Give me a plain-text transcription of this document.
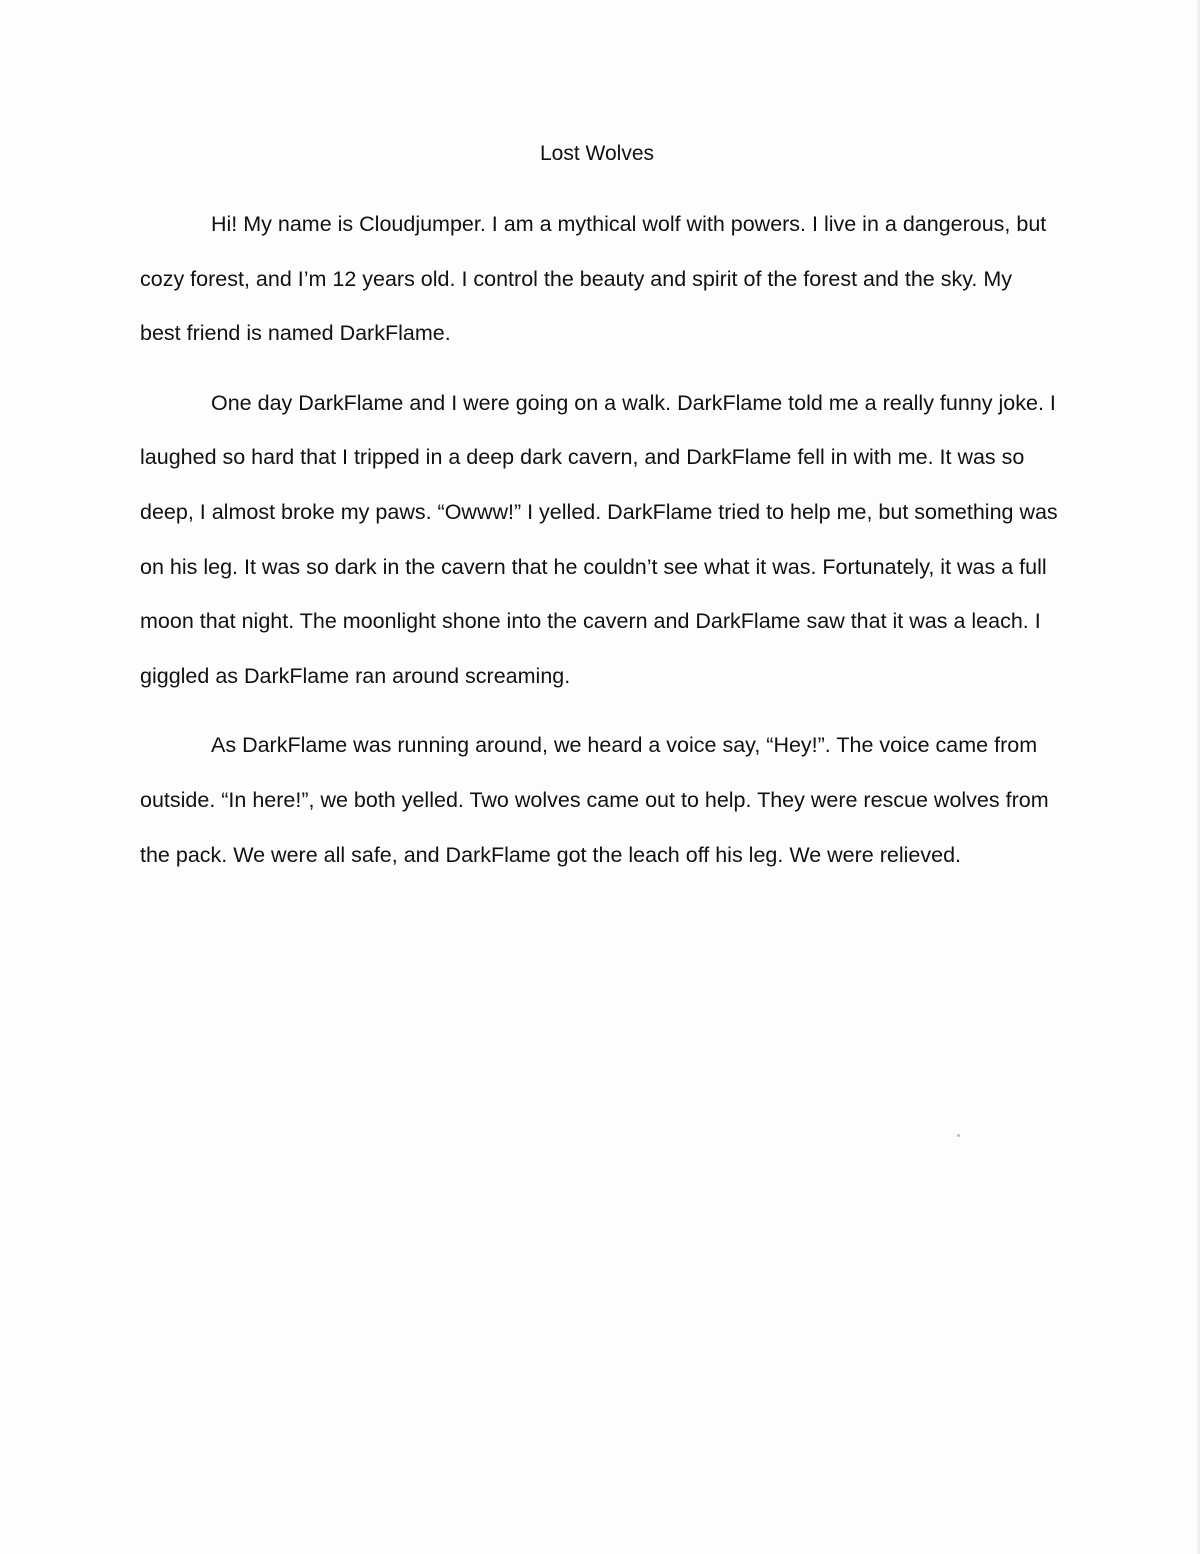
Lost Wolves

Hi! My name is Cloudjumper. I am a mythical wolf with powers. I live in a dangerous, but cozy forest, and I’m 12 years old. I control the beauty and spirit of the forest and the sky. My best friend is named DarkFlame.

One day DarkFlame and I were going on a walk. DarkFlame told me a really funny joke. I laughed so hard that I tripped in a deep dark cavern, and DarkFlame fell in with me. It was so deep, I almost broke my paws. “Owww!” I yelled. DarkFlame tried to help me, but something was on his leg. It was so dark in the cavern that he couldn’t see what it was. Fortunately, it was a full moon that night. The moonlight shone into the cavern and DarkFlame saw that it was a leach. I giggled as DarkFlame ran around screaming.

As DarkFlame was running around, we heard a voice say, “Hey!”. The voice came from outside. “In here!”, we both yelled. Two wolves came out to help. They were rescue wolves from the pack. We were all safe, and DarkFlame got the leach off his leg. We were relieved.
